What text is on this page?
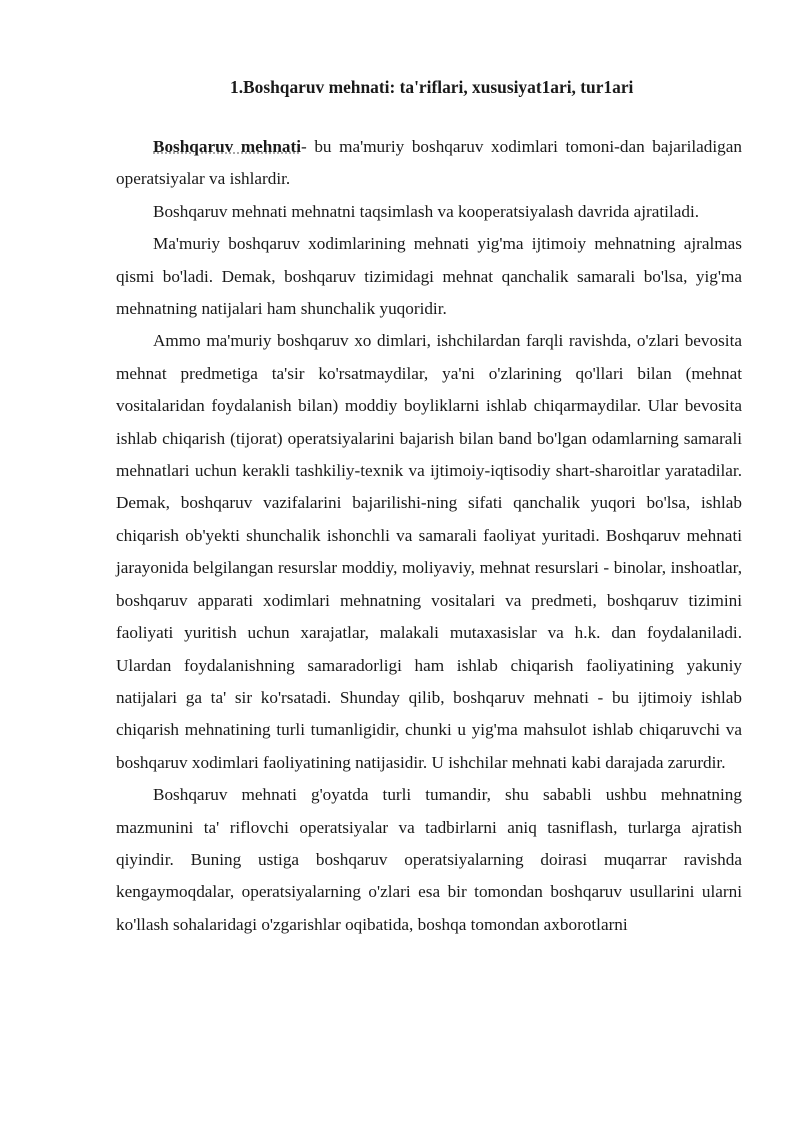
1.Boshqaruv mehnati: ta'riflari, xususiyat1ari, tur1ari

Boshqaruv mehnati- bu ma'muriy boshqaruv xodimlari tomoni-dan bajariladigan operatsiyalar va ishlardir.

Boshqaruv mehnati mehnatni taqsimlash va kooperatsiyalash davrida ajratiladi.

Ma'muriy boshqaruv xodimlarining mehnati yig'ma ijtimoiy mehnatning ajralmas qismi bo'ladi. Demak, boshqaruv tizimidagi mehnat qanchalik samarali bo'lsa, yig'ma mehnatning natijalari ham shunchalik yuqoridir.

Ammo ma'muriy boshqaruv xo dimlari, ishchilardan farqli ravishda, o'zlari bevosita mehnat predmetiga ta'sir ko'rsatmaydilar, ya'ni o'zlarining qo'llari bilan (mehnat vositalaridan foydalanish bilan) moddiy boyliklarni ishlab chiqarmaydilar. Ular bevosita ishlab chiqarish (tijorat) operatsiyalarini bajarish bilan band bo'lgan odamlarning samarali mehnatlari uchun kerakli tashkiliy-texnik va ijtimoiy-iqtisodiy shart-sharoitlar yaratadilar. Demak, boshqaruv vazifalarini bajarilishi-ning sifati qanchalik yuqori bo'lsa, ishlab chiqarish ob'yekti shunchalik ishonchli va samarali faoliyat yuritadi. Boshqaruv mehnati jarayonida belgilangan resurslar moddiy, moliyaviy, mehnat resurslari - binolar, inshoatlar, boshqaruv apparati xodimlari mehnatning vositalari va predmeti, boshqaruv tizimini faoliyati yuritish uchun xarajatlar, malakali mutaxasislar va h.k. dan foydalaniladi. Ulardan foydalanishning samaradorligi ham ishlab chiqarish faoliyatining yakuniy natijalari ga ta' sir ko'rsatadi. Shunday qilib, boshqaruv mehnati - bu ijtimoiy ishlab chiqarish mehnatining turli tumanligidir, chunki u yig'ma mahsulot ishlab chiqaruvchi va boshqaruv xodimlari faoliyatining natijasidir. U ishchilar mehnati kabi darajada zarurdir.

Boshqaruv mehnati g'oyatda turli tumandir, shu sababli ushbu mehnatning mazmunini ta' riflovchi operatsiyalar va tadbirlarni aniq tasniflash, turlarga ajratish qiyindir. Buning ustiga boshqaruv operatsiyalarning doirasi muqarrar ravishda kengaymoqdalar, operatsiyalarning o'zlari esa bir tomondan boshqaruv usullarini ularni ko'llash sohalaridagi o'zgarishlar oqibatida, boshqa tomondan axborotlarni
